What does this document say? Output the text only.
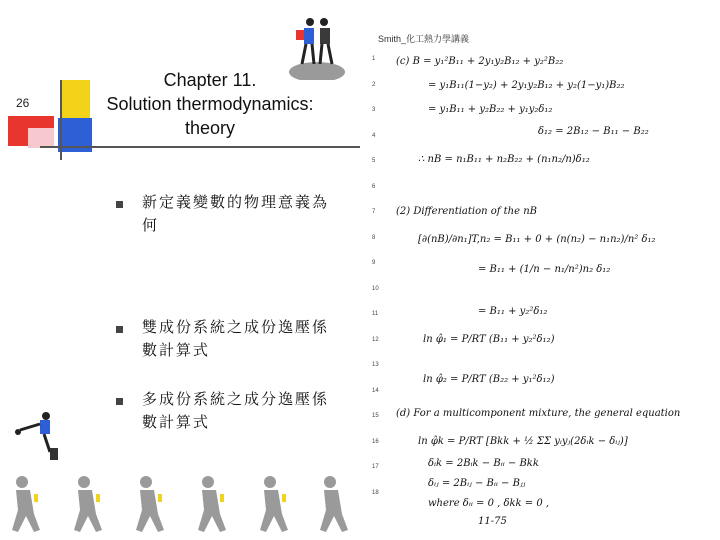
26
Chapter 11.
Solution thermodynamics:
theory
新定義變數的物理意義為
何
雙成份系統之成份逸壓係
數計算式
多成份系統之成分逸壓係
數計算式
Smith_化工熱力學講義
1
2
3
4
5
6
7
8
9
10
11
12
13
14
15
16
17
18
(c) B = y₁²B₁₁ + 2y₁y₂B₁₂ + y₂²B₂₂
= y₁B₁₁(1−y₂) + 2y₁y₂B₁₂ + y₂(1−y₁)B₂₂
= y₁B₁₁ + y₂B₂₂ + y₁y₂δ₁₂
δ₁₂ = 2B₁₂ − B₁₁ − B₂₂
∴ nB = n₁B₁₁ + n₂B₂₂ + (n₁n₂/n)δ₁₂
(2) Differentiation of the nB
[∂(nB)/∂n₁]T,n₂ = B₁₁ + 0 + (n(n₂) − n₁n₂)/n² δ₁₂
= B₁₁ + (1/n − n₁/n²)n₂ δ₁₂
= B₁₁ + y₂²δ₁₂
ln φ̂₁ = P/RT (B₁₁ + y₂²δ₁₂)
ln φ̂₂ = P/RT (B₂₂ + y₁²δ₁₂)
(d) For a multicomponent mixture, the general equation
ln φ̂k = P/RT [Bkk + ½ ΣΣ yᵢyⱼ(2δᵢk − δᵢⱼ)]
δᵢk = 2Bᵢk − Bᵢᵢ − Bkk
δᵢⱼ = 2Bᵢⱼ − Bᵢᵢ − Bⱼⱼ
where δᵢᵢ = 0 , δkk = 0 ,
11-75
